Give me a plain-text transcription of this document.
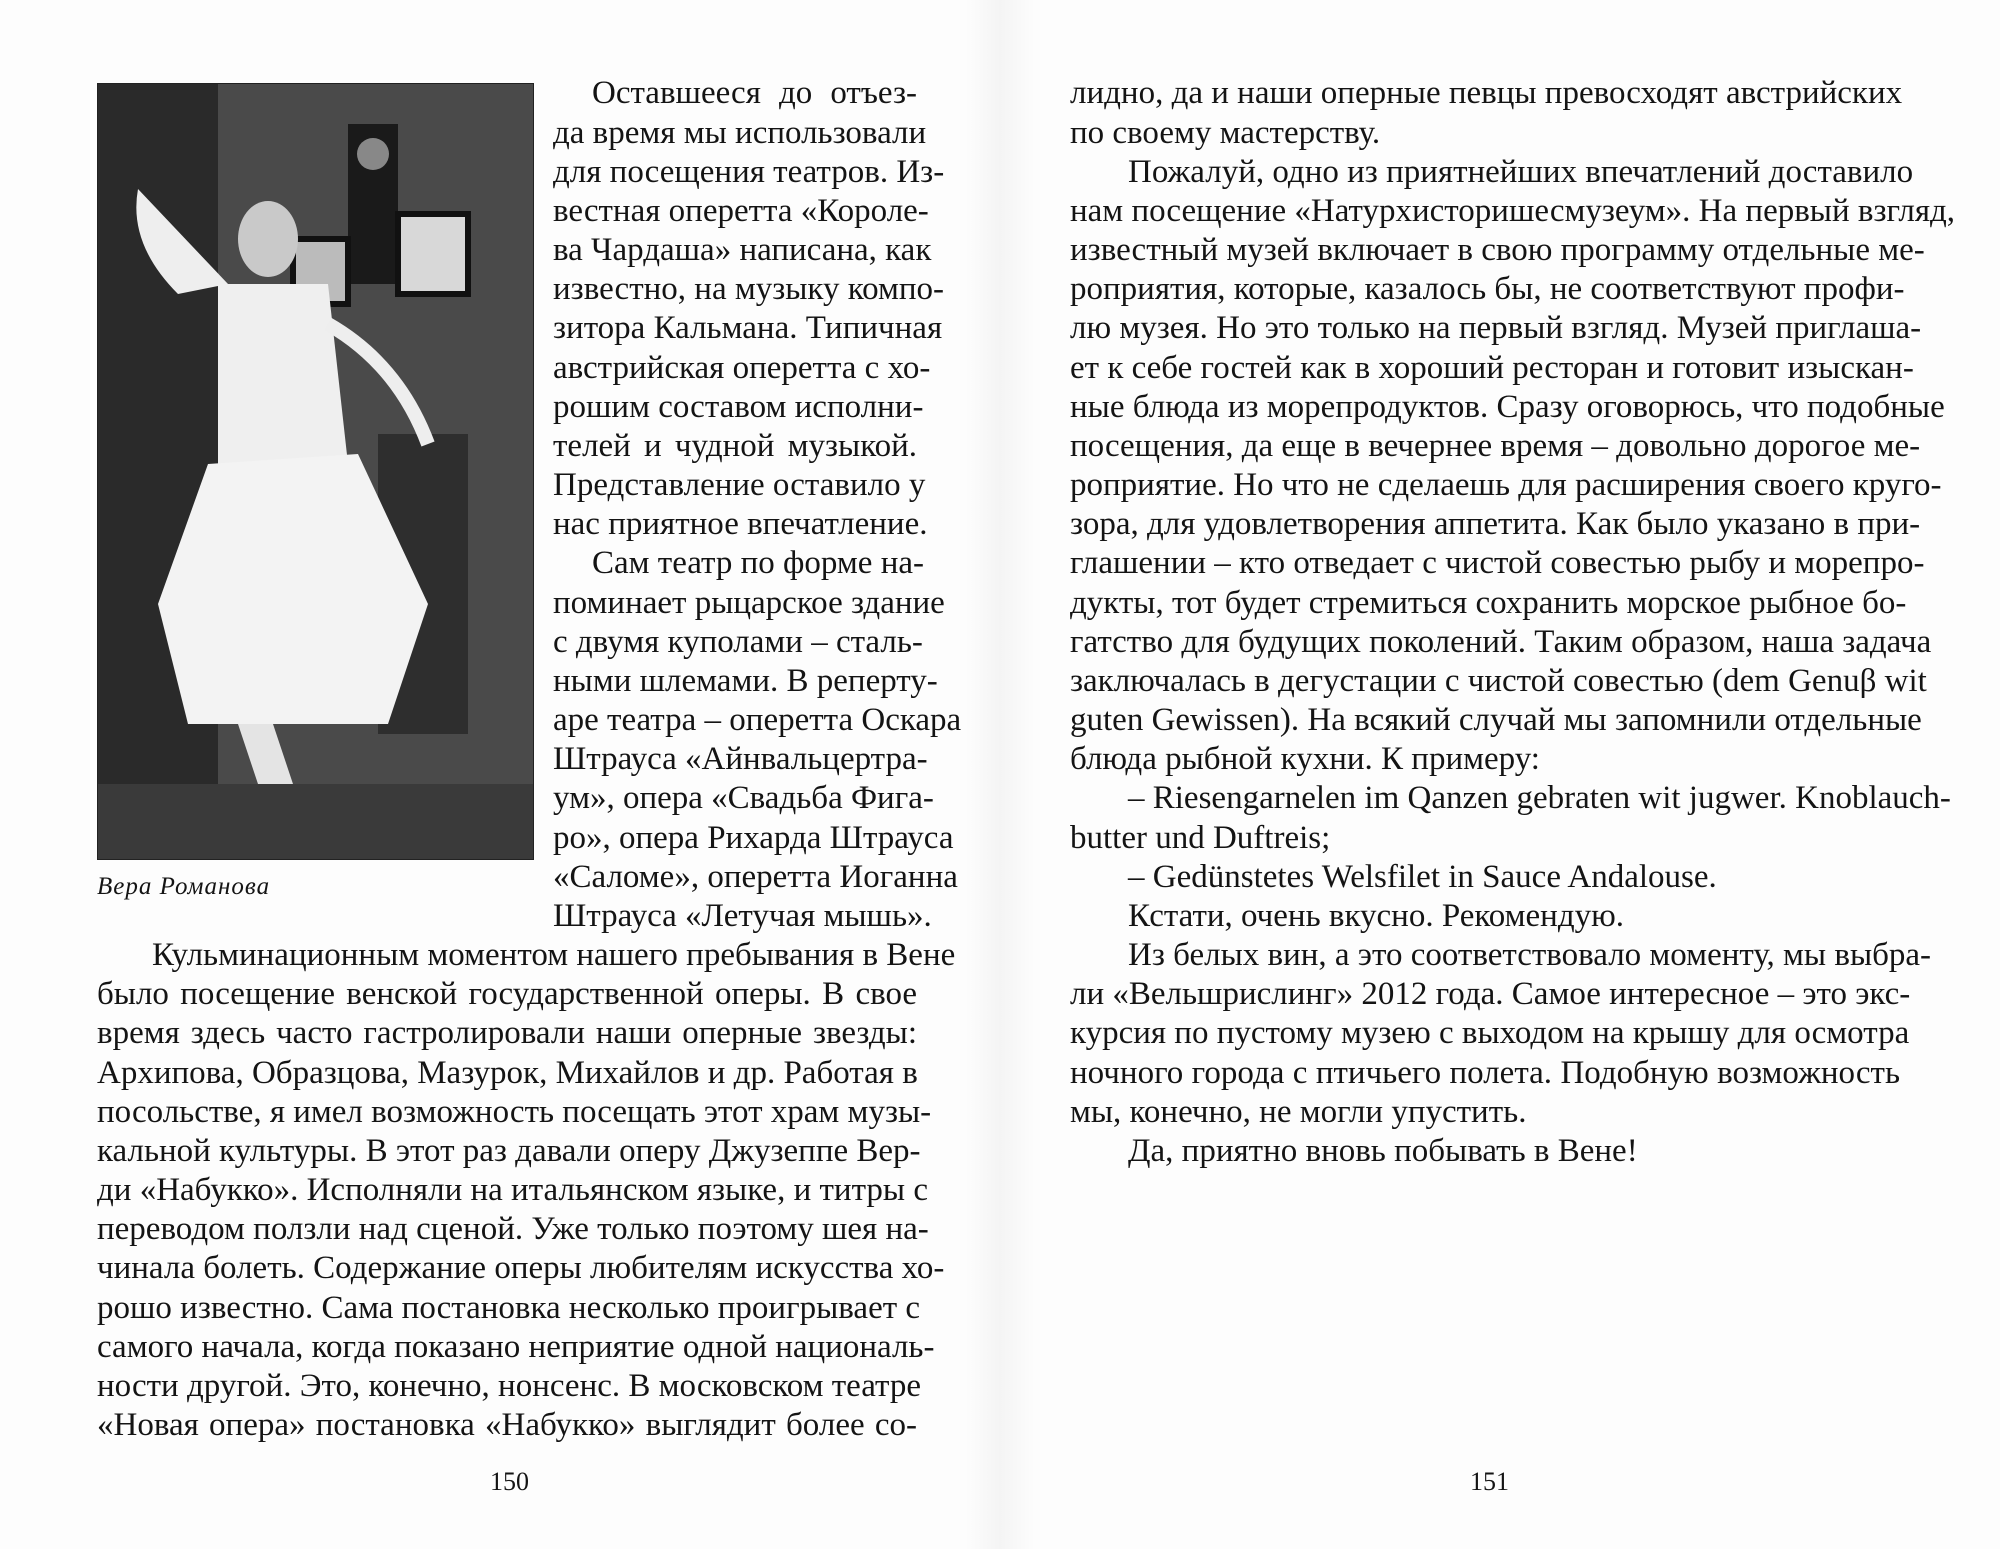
Вера Романова
Оставшееся до отъез-
да время мы использовали
для посещения театров. Из-
вестная оперетта «Короле-
ва Чардаша» написана, как
известно, на музыку компо-
зитора Кальмана. Типичная
австрийская оперетта с хо-
рошим составом исполни-
телей и чудной музыкой.
Представление оставило у
нас приятное впечатление.
Сам театр по форме на-
поминает рыцарское здание
с двумя куполами – сталь-
ными шлемами. В реперту-
аре театра – оперетта Оскара
Штрауса «Айнвальцертра-
ум», опера «Свадьба Фига-
ро», опера Рихарда Штрауса
«Саломе», оперетта Иоганна
Штрауса «Летучая мышь».
Кульминационным моментом нашего пребывания в Вене
было посещение венской государственной оперы. В свое
время здесь часто гастролировали наши оперные звезды:
Архипова, Образцова, Мазурок, Михайлов и др. Работая в
посольстве, я имел возможность посещать этот храм музы-
кальной культуры. В этот раз давали оперу Джузеппе Вер-
ди «Набукко». Исполняли на итальянском языке, и титры с
переводом ползли над сценой. Уже только поэтому шея на-
чинала болеть. Содержание оперы любителям искусства хо-
рошо известно. Сама постановка несколько проигрывает с
самого начала, когда показано неприятие одной националь-
ности другой. Это, конечно, нонсенс. В московском театре
«Новая опера» постановка «Набукко» выглядит более со-
150
лидно, да и наши оперные певцы превосходят австрийских
по своему мастерству.
Пожалуй, одно из приятнейших впечатлений доставило
нам посещение «Натурхисторишесмузеум». На первый взгляд,
известный музей включает в свою программу отдельные ме-
роприятия, которые, казалось бы, не соответствуют профи-
лю музея. Но это только на первый взгляд. Музей приглаша-
ет к себе гостей как в хороший ресторан и готовит изыскан-
ные блюда из морепродуктов. Сразу оговорюсь, что подобные
посещения, да еще в вечернее время – довольно дорогое ме-
роприятие. Но что не сделаешь для расширения своего круго-
зора, для удовлетворения аппетита. Как было указано в при-
глашении – кто отведает с чистой совестью рыбу и морепро-
дукты, тот будет стремиться сохранить морское рыбное бо-
гатство для будущих поколений. Таким образом, наша задача
заключалась в дегустации с чистой совестью (dem Genuβ wit
guten Gewissen). На всякий случай мы запомнили отдельные
блюда рыбной кухни. К примеру:
– Riesengarnelen im Qanzen gebraten wit jugwer. Knoblauch-
butter und Duftreis;
– Gedünstetes Welsfilet in Sauce Andalouse.
Кстати, очень вкусно. Рекомендую.
Из белых вин, а это соответствовало моменту, мы выбра-
ли «Вельшрислинг» 2012 года. Самое интересное – это экс-
курсия по пустому музею с выходом на крышу для осмотра
ночного города с птичьего полета. Подобную возможность
мы, конечно, не могли упустить.
Да, приятно вновь побывать в Вене!
151
